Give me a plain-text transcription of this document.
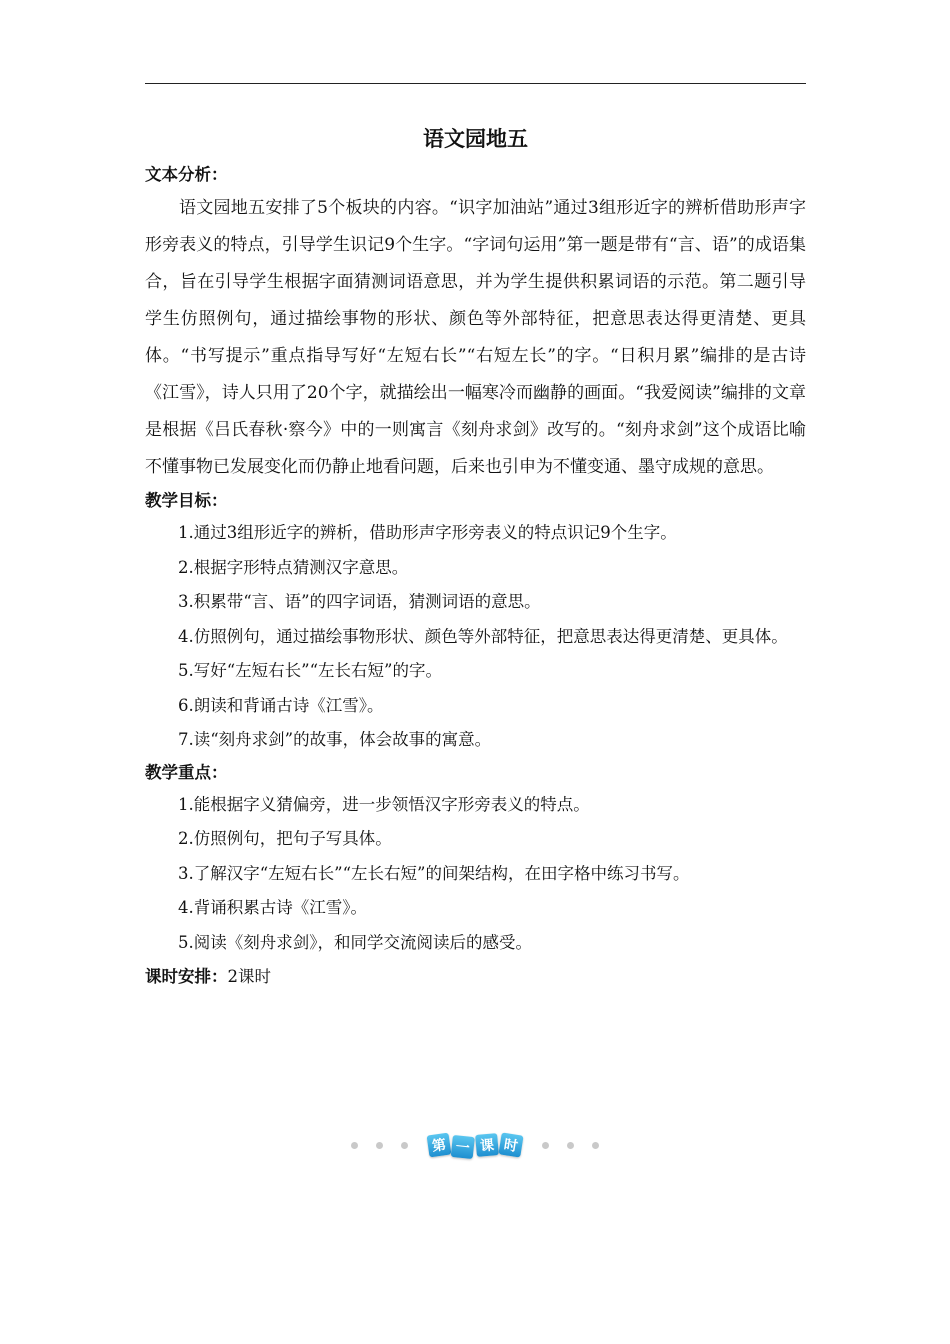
语文园地五
文本分析：
语文园地五安排了5个板块的内容。“识字加油站”通过3组形近字的辨析借助形声字形旁表义的特点，引导学生识记9个生字。“字词句运用”第一题是带有“言、语”的成语集合，旨在引导学生根据字面猜测词语意思，并为学生提供积累词语的示范。第二题引导学生仿照例句，通过描绘事物的形状、颜色等外部特征，把意思表达得更清楚、更具体。“书写提示”重点指导写好“左短右长”“右短左长”的字。“日积月累”编排的是古诗《江雪》，诗人只用了20个字，就描绘出一幅寒冷而幽静的画面。“我爱阅读”编排的文章是根据《吕氏春秋·察今》中的一则寓言《刻舟求剑》改写的。“刻舟求剑”这个成语比喻不懂事物已发展变化而仍静止地看问题，后来也引申为不懂变通、墨守成规的意思。
教学目标：
1.通过3组形近字的辨析，借助形声字形旁表义的特点识记9个生字。
2.根据字形特点猜测汉字意思。
3.积累带“言、语”的四字词语，猜测词语的意思。
4.仿照例句，通过描绘事物形状、颜色等外部特征，把意思表达得更清楚、更具体。
5.写好“左短右长”“左长右短”的字。
6.朗读和背诵古诗《江雪》。
7.读“刻舟求剑”的故事，体会故事的寓意。
教学重点：
1.能根据字义猜偏旁，进一步领悟汉字形旁表义的特点。
2.仿照例句，把句子写具体。
3.了解汉字“左短右长”“左长右短”的间架结构，在田字格中练习书写。
4.背诵积累古诗《江雪》。
5.阅读《刻舟求剑》，和同学交流阅读后的感受。
课时安排：2课时
第 一 课 时
